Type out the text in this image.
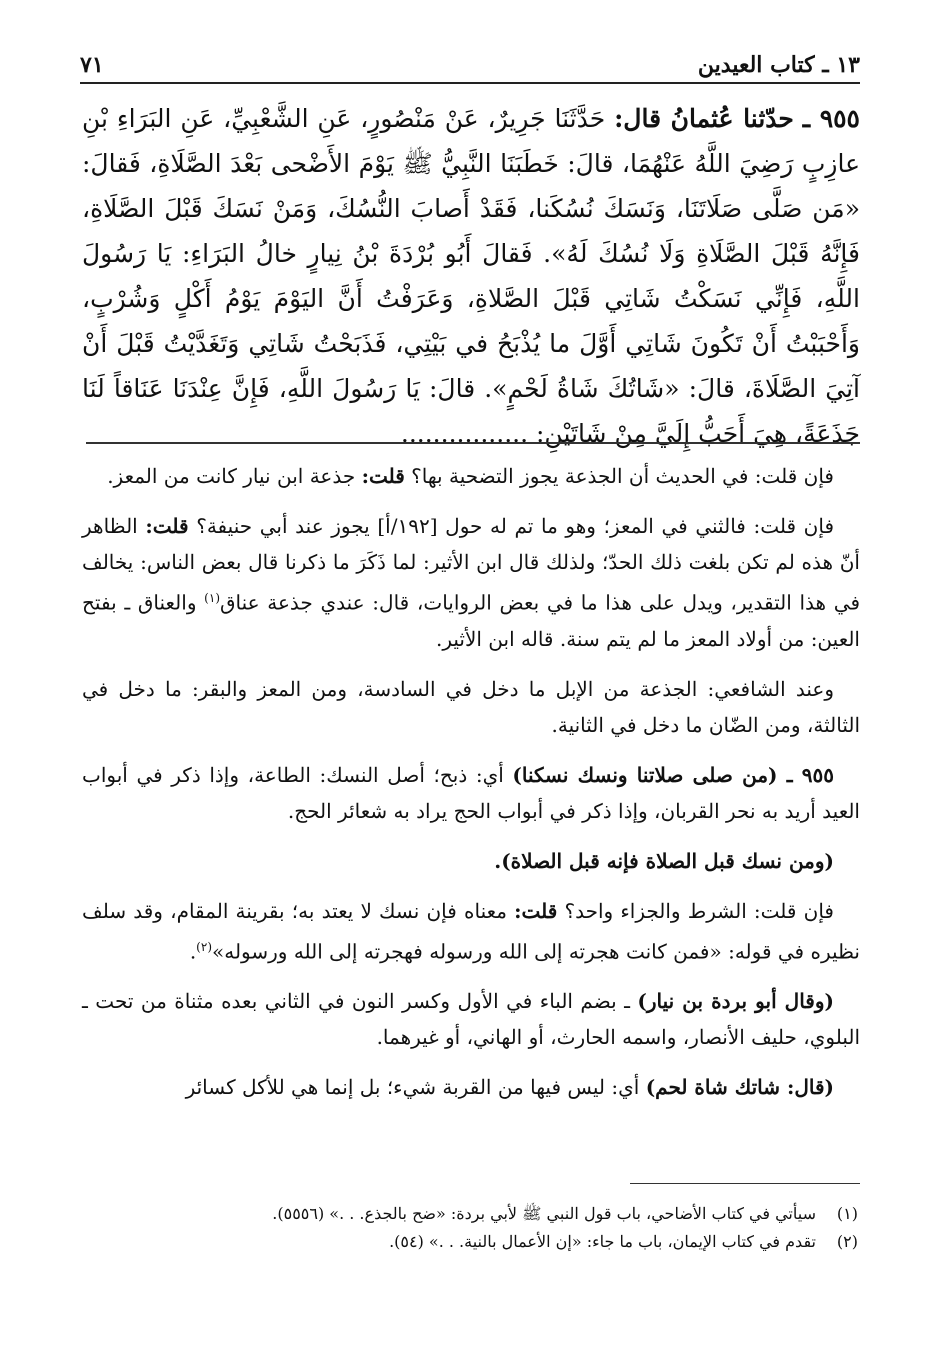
١٣ ـ كتاب العيدين
٧١
٩٥٥ ـ حدّثنا عُثمانُ قال: حَدَّثَنَا جَرِيرٌ، عَنْ مَنْصُورٍ، عَنِ الشَّعْبِيِّ، عَنِ البَرَاءِ بْنِ عازِبٍ رَضِيَ اللَّهُ عَنْهُمَا، قالَ: خَطَبَنَا النَّبِيُّ ﷺ يَوْمَ الأَضْحى بَعْدَ الصَّلَاةِ، فَقالَ: «مَن صَلَّى صَلَاتَنَا، وَنَسَكَ نُسُكَنا، فَقَدْ أَصابَ النُّسُكَ، وَمَنْ نَسَكَ قَبْلَ الصَّلَاةِ، فَإِنَّهُ قَبْلَ الصَّلَاةِ وَلَا نُسُكَ لَهُ». فَقالَ أَبُو بُرْدَةَ بْنُ نِيارٍ خالُ البَرَاءِ: يَا رَسُولَ اللَّهِ، فَإِنِّي نَسَكْتُ شَاتِي قَبْلَ الصَّلاةِ، وَعَرَفْتُ أَنَّ اليَوْمَ يَوْمُ أَكْلٍ وَشُرْبٍ، وَأَحْبَبْتُ أَنْ تَكُونَ شَاتِي أَوَّلَ ما يُذْبَحُ في بَيْتِي، فَذَبَحْتُ شَاتِي وَتَغَدَّيْتُ قَبْلَ أَنْ آتِيَ الصَّلَاةَ، قالَ: «شَاتُكَ شَاةُ لَحْمٍ». قالَ: يَا رَسُولَ اللَّهِ، فَإِنَّ عِنْدَنَا عَنَاقاً لَنَا جَذَعَةً، هِيَ أَحَبُّ إِلَيَّ مِنْ شَاتَيْنِ: ................

فإن قلت: في الحديث أن الجذعة يجوز التضحية بها؟ قلت: جذعة ابن نيار كانت من المعز.

فإن قلت: فالثني في المعز؛ وهو ما تم له حول [١٩٢/أ] يجوز عند أبي حنيفة؟ قلت: الظاهر أنّ هذه لم تكن بلغت ذلك الحدّ؛ ولذلك قال ابن الأثير: لما ذَكَرَ ما ذكرنا قال بعض الناس: يخالف في هذا التقدير، ويدل على هذا ما في بعض الروايات، قال: عندي جذعة عناق$^{(١)}$ والعناق ـ بفتح العين: من أولاد المعز ما لم يتم سنة. قاله ابن الأثير.

وعند الشافعي: الجذعة من الإبل ما دخل في السادسة، ومن المعز والبقر: ما دخل في الثالثة، ومن الضّان ما دخل في الثانية.

٩٥٥ ـ (من صلى صلاتنا ونسك نسكنا) أي: ذبح؛ أصل النسك: الطاعة، وإذا ذكر في أبواب العيد أريد به نحر القربان، وإذا ذكر في أبواب الحج يراد به شعائر الحج.

(ومن نسك قبل الصلاة فإنه قبل الصلاة).

فإن قلت: الشرط والجزاء واحد؟ قلت: معناه فإن نسك لا يعتد به؛ بقرينة المقام، وقد سلف نظيره في قوله: «فمن كانت هجرته إلى الله ورسوله فهجرته إلى الله ورسوله»$^{(٢)}$.

(وقال أبو بردة بن نيار) ـ بضم الباء في الأول وكسر النون في الثاني بعده مثناة من تحت ـ البلوي، حليف الأنصار، واسمه الحارث، أو الهاني، أو غيرهما.

(قال: شاتك شاة لحم) أي: ليس فيها من القربة شيء؛ بل إنما هي للأكل كسائر

(١)
سيأتي في كتاب الأضاحي، باب قول النبي ﷺ لأبي بردة: «ضح بالجذع. . .» (٥٥٥٦).
(٢)
تقدم في كتاب الإيمان، باب ما جاء: «إن الأعمال بالنية. . .» (٥٤).
